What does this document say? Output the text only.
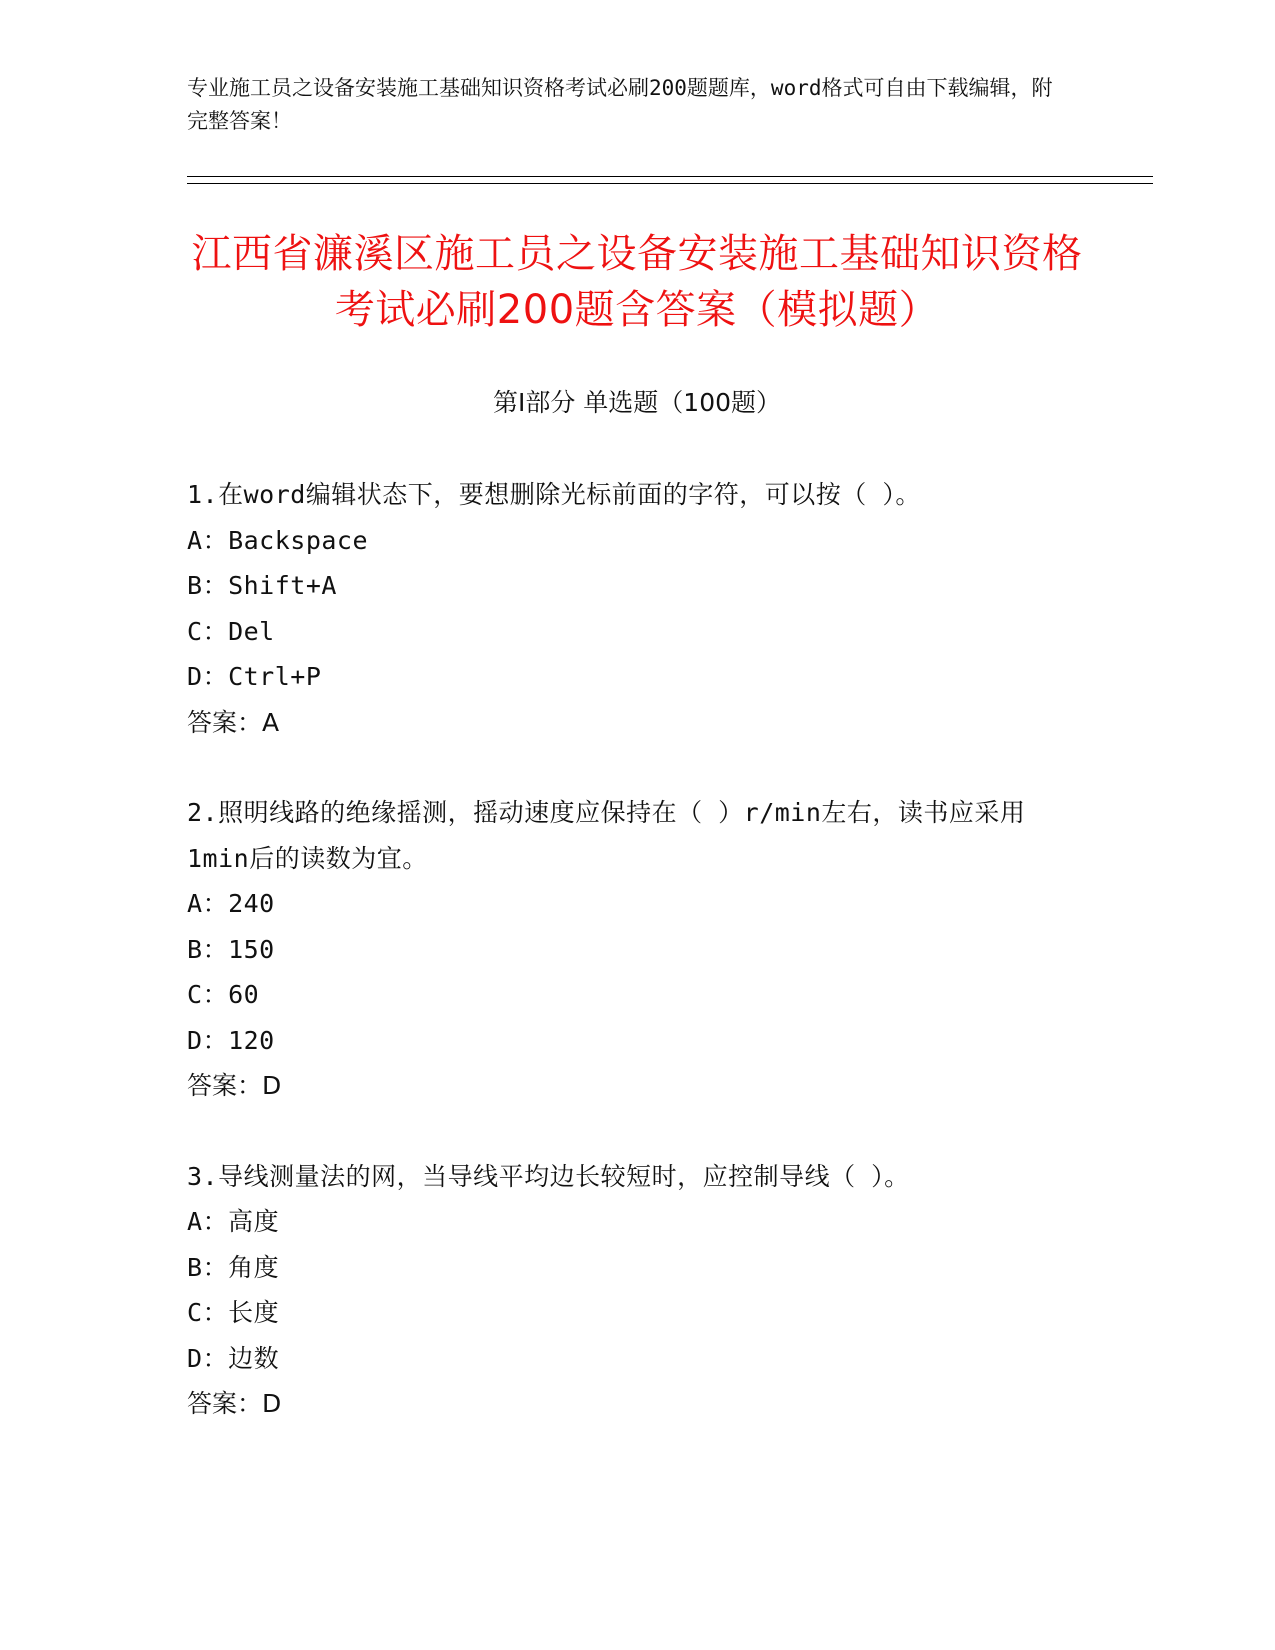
专业施工员之设备安装施工基础知识资格考试必刷200题题库，word格式可自由下载编辑，附完整答案！
江西省濂溪区施工员之设备安装施工基础知识资格考试必刷200题含答案（模拟题）
第Ⅰ部分 单选题（100题）
1.在word编辑状态下，要想删除光标前面的字符，可以按（ ）。
A：Backspace
B：Shift+A
C：Del
D：Ctrl+P
答案：A
2.照明线路的绝缘摇测，摇动速度应保持在（ ）r/min左右，读书应采用1min后的读数为宜。
A：240
B：150
C：60
D：120
答案：D
3.导线测量法的网，当导线平均边长较短时，应控制导线（ ）。
A：高度
B：角度
C：长度
D：边数
答案：D
